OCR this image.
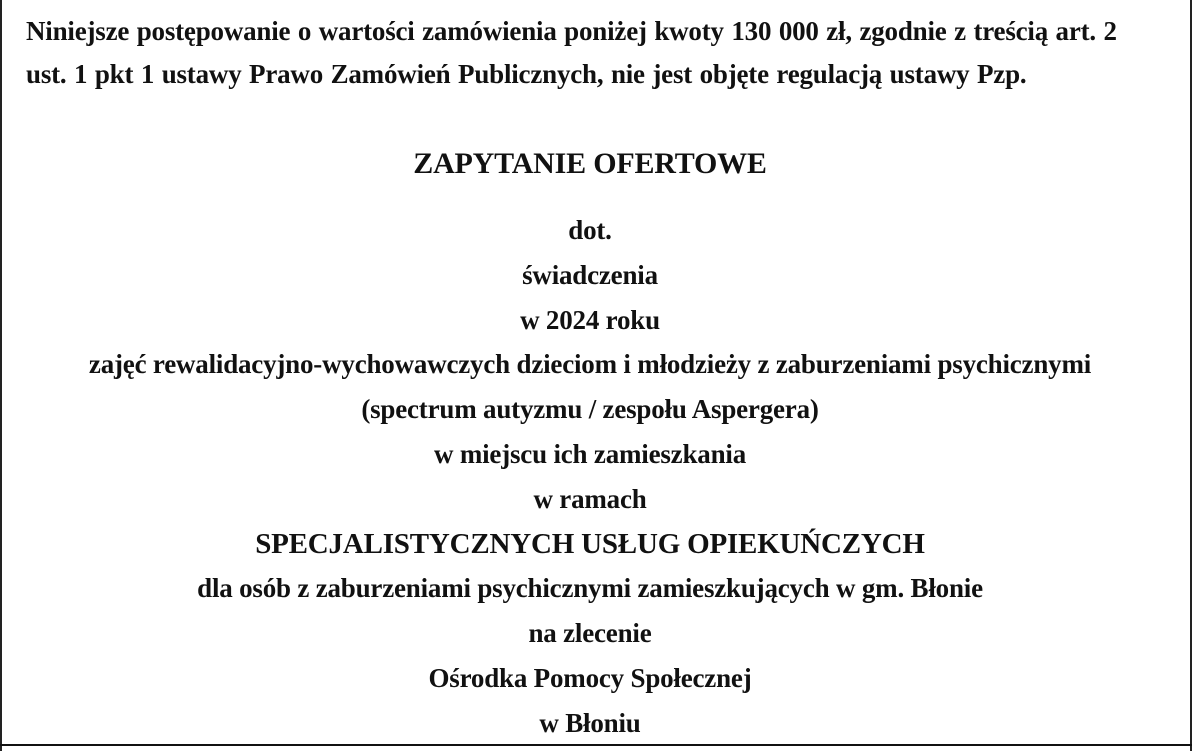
Niniejsze postępowanie o wartości zamówienia poniżej kwoty 130 000 zł, zgodnie z treścią art. 2
ust. 1 pkt 1 ustawy Prawo Zamówień Publicznych, nie jest objęte regulacją ustawy Pzp.
ZAPYTANIE OFERTOWE
dot.
świadczenia
w 2024 roku
zajęć rewalidacyjno-wychowawczych dzieciom i młodzieży z zaburzeniami psychicznymi
(spectrum autyzmu / zespołu Aspergera)
w miejscu ich zamieszkania
w ramach
SPECJALISTYCZNYCH USŁUG OPIEKUŃCZYCH
dla osób z zaburzeniami psychicznymi zamieszkujących w gm. Błonie
na zlecenie
Ośrodka Pomocy Społecznej
w Błoniu
